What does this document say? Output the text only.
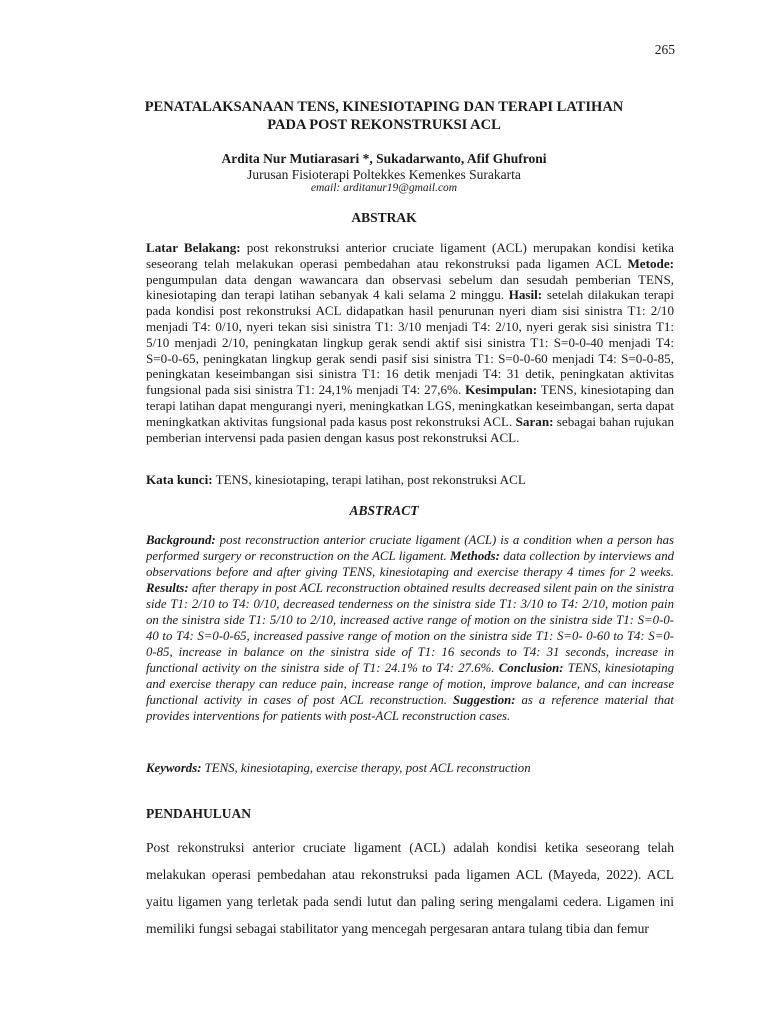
265
PENATALAKSANAAN TENS, KINESIOTAPING DAN TERAPI LATIHAN
PADA POST REKONSTRUKSI ACL
Ardita Nur Mutiarasari *, Sukadarwanto, Afif Ghufroni
Jurusan Fisioterapi Poltekkes Kemenkes Surakarta
email: arditanur19@gmail.com
ABSTRAK
Latar Belakang: post rekonstruksi anterior cruciate ligament (ACL) merupakan kondisi ketika seseorang telah melakukan operasi pembedahan atau rekonstruksi pada ligamen ACL Metode: pengumpulan data dengan wawancara dan observasi sebelum dan sesudah pemberian TENS, kinesiotaping dan terapi latihan sebanyak 4 kali selama 2 minggu. Hasil: setelah dilakukan terapi pada kondisi post rekonstruksi ACL didapatkan hasil penurunan nyeri diam sisi sinistra T1: 2/10 menjadi T4: 0/10, nyeri tekan sisi sinistra T1: 3/10 menjadi T4: 2/10, nyeri gerak sisi sinistra T1: 5/10 menjadi 2/10, peningkatan lingkup gerak sendi aktif sisi sinistra T1: S=0-0-40 menjadi T4: S=0-0-65, peningkatan lingkup gerak sendi pasif sisi sinistra T1: S=0-0-60 menjadi T4: S=0-0-85, peningkatan keseimbangan sisi sinistra T1: 16 detik menjadi T4: 31 detik, peningkatan aktivitas fungsional pada sisi sinistra T1: 24,1% menjadi T4: 27,6%. Kesimpulan: TENS, kinesiotaping dan terapi latihan dapat mengurangi nyeri, meningkatkan LGS, meningkatkan keseimbangan, serta dapat meningkatkan aktivitas fungsional pada kasus post rekonstruksi ACL. Saran: sebagai bahan rujukan pemberian intervensi pada pasien dengan kasus post rekonstruksi ACL.
Kata kunci: TENS, kinesiotaping, terapi latihan, post rekonstruksi ACL
ABSTRACT
Background: post reconstruction anterior cruciate ligament (ACL) is a condition when a person has performed surgery or reconstruction on the ACL ligament. Methods: data collection by interviews and observations before and after giving TENS, kinesiotaping and exercise therapy 4 times for 2 weeks. Results: after therapy in post ACL reconstruction obtained results decreased silent pain on the sinistra side T1: 2/10 to T4: 0/10, decreased tenderness on the sinistra side T1: 3/10 to T4: 2/10, motion pain on the sinistra side T1: 5/10 to 2/10, increased active range of motion on the sinistra side T1: S=0-0-40 to T4: S=0-0-65, increased passive range of motion on the sinistra side T1: S=0- 0-60 to T4: S=0-0-85, increase in balance on the sinistra side of T1: 16 seconds to T4: 31 seconds, increase in functional activity on the sinistra side of T1: 24.1% to T4: 27.6%. Conclusion: TENS, kinesiotaping and exercise therapy can reduce pain, increase range of motion, improve balance, and can increase functional activity in cases of post ACL reconstruction. Suggestion: as a reference material that provides interventions for patients with post-ACL reconstruction cases.
Keywords: TENS, kinesiotaping, exercise therapy, post ACL reconstruction
PENDAHULUAN
Post rekonstruksi anterior cruciate ligament (ACL) adalah kondisi ketika seseorang telah melakukan operasi pembedahan atau rekonstruksi pada ligamen ACL (Mayeda, 2022). ACL yaitu ligamen yang terletak pada sendi lutut dan paling sering mengalami cedera. Ligamen ini memiliki fungsi sebagai stabilitator yang mencegah pergesaran antara tulang tibia dan femur
